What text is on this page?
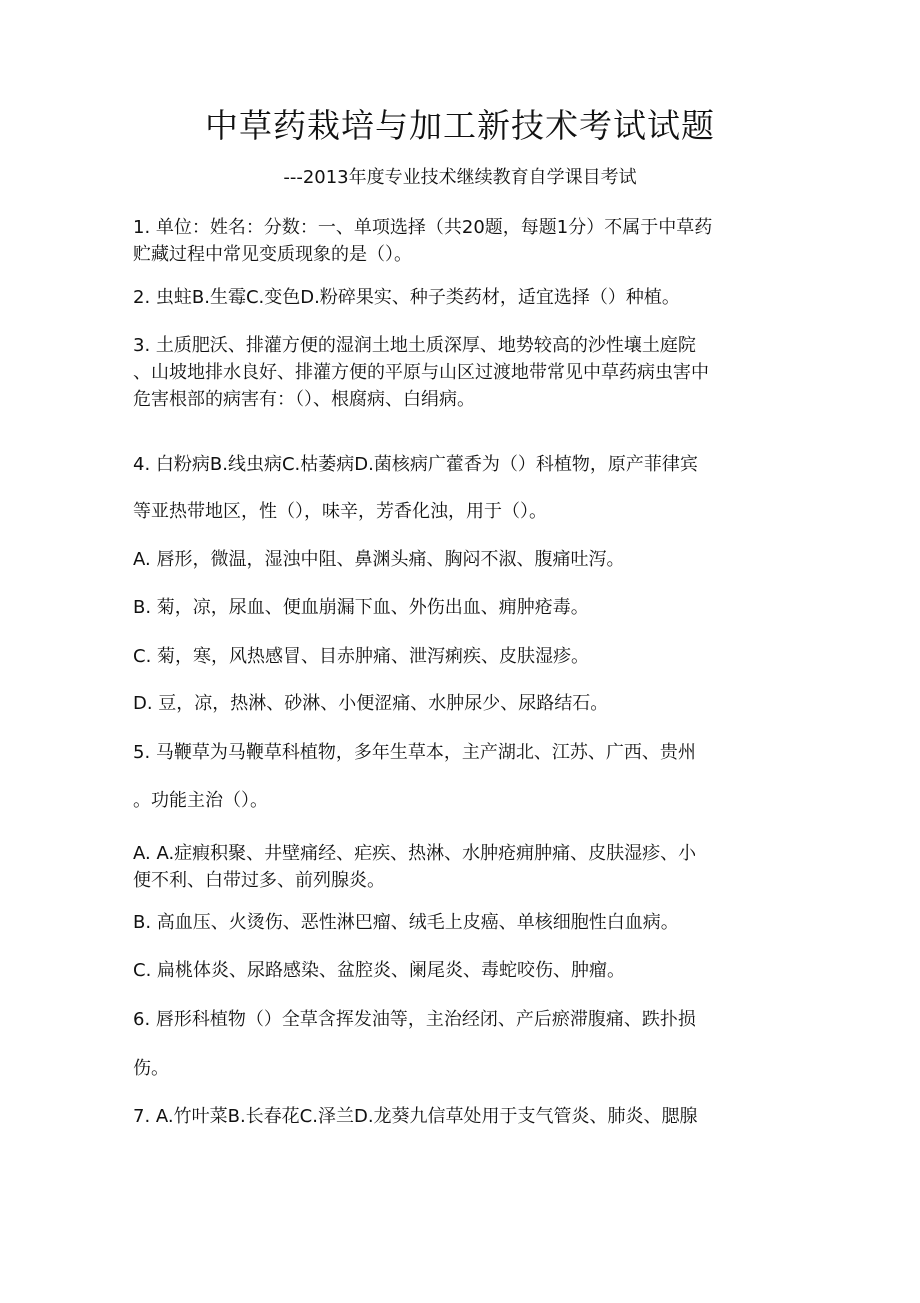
中草药栽培与加工新技术考试试题

---2013年度专业技术继续教育自学课目考试

1. 单位：姓名：分数：一、单项选择（共20题，每题1分）不属于中草药

贮藏过程中常见变质现象的是（）。

2. 虫蛀B.生霉C.变色D.粉碎果实、种子类药材，适宜选择（）种植。

3. 土质肥沃、排灌方便的湿润土地土质深厚、地势较高的沙性壤土庭院

、山坡地排水良好、排灌方便的平原与山区过渡地带常见中草药病虫害中

危害根部的病害有：（）、根腐病、白绢病。

4. 白粉病B.线虫病C.枯萎病D.菌核病广藿香为（）科植物，原产菲律宾

等亚热带地区，性（），味辛，芳香化浊，用于（）。

A. 唇形，微温，湿浊中阻、鼻渊头痛、胸闷不淑、腹痛吐泻。

B. 菊，凉，尿血、便血崩漏下血、外伤出血、痈肿疮毒。

C. 菊，寒，风热感冒、目赤肿痛、泄泻痢疾、皮肤湿疹。

D. 豆，凉，热淋、砂淋、小便涩痛、水肿尿少、尿路结石。

5. 马鞭草为马鞭草科植物，多年生草本，主产湖北、江苏、广西、贵州

。功能主治（）。

A. A.症瘕积聚、井壁痛经、疟疾、热淋、水肿疮痈肿痛、皮肤湿疹、小

便不利、白带过多、前列腺炎。

B. 高血压、火烫伤、恶性淋巴瘤、绒毛上皮癌、单核细胞性白血病。

C. 扁桃体炎、尿路感染、盆腔炎、阑尾炎、毒蛇咬伤、肿瘤。

6. 唇形科植物（）全草含挥发油等，主治经闭、产后瘀滞腹痛、跌扑损

伤。

7. A.竹叶菜B.长春花C.泽兰D.龙葵九信草处用于支气管炎、肺炎、腮腺
